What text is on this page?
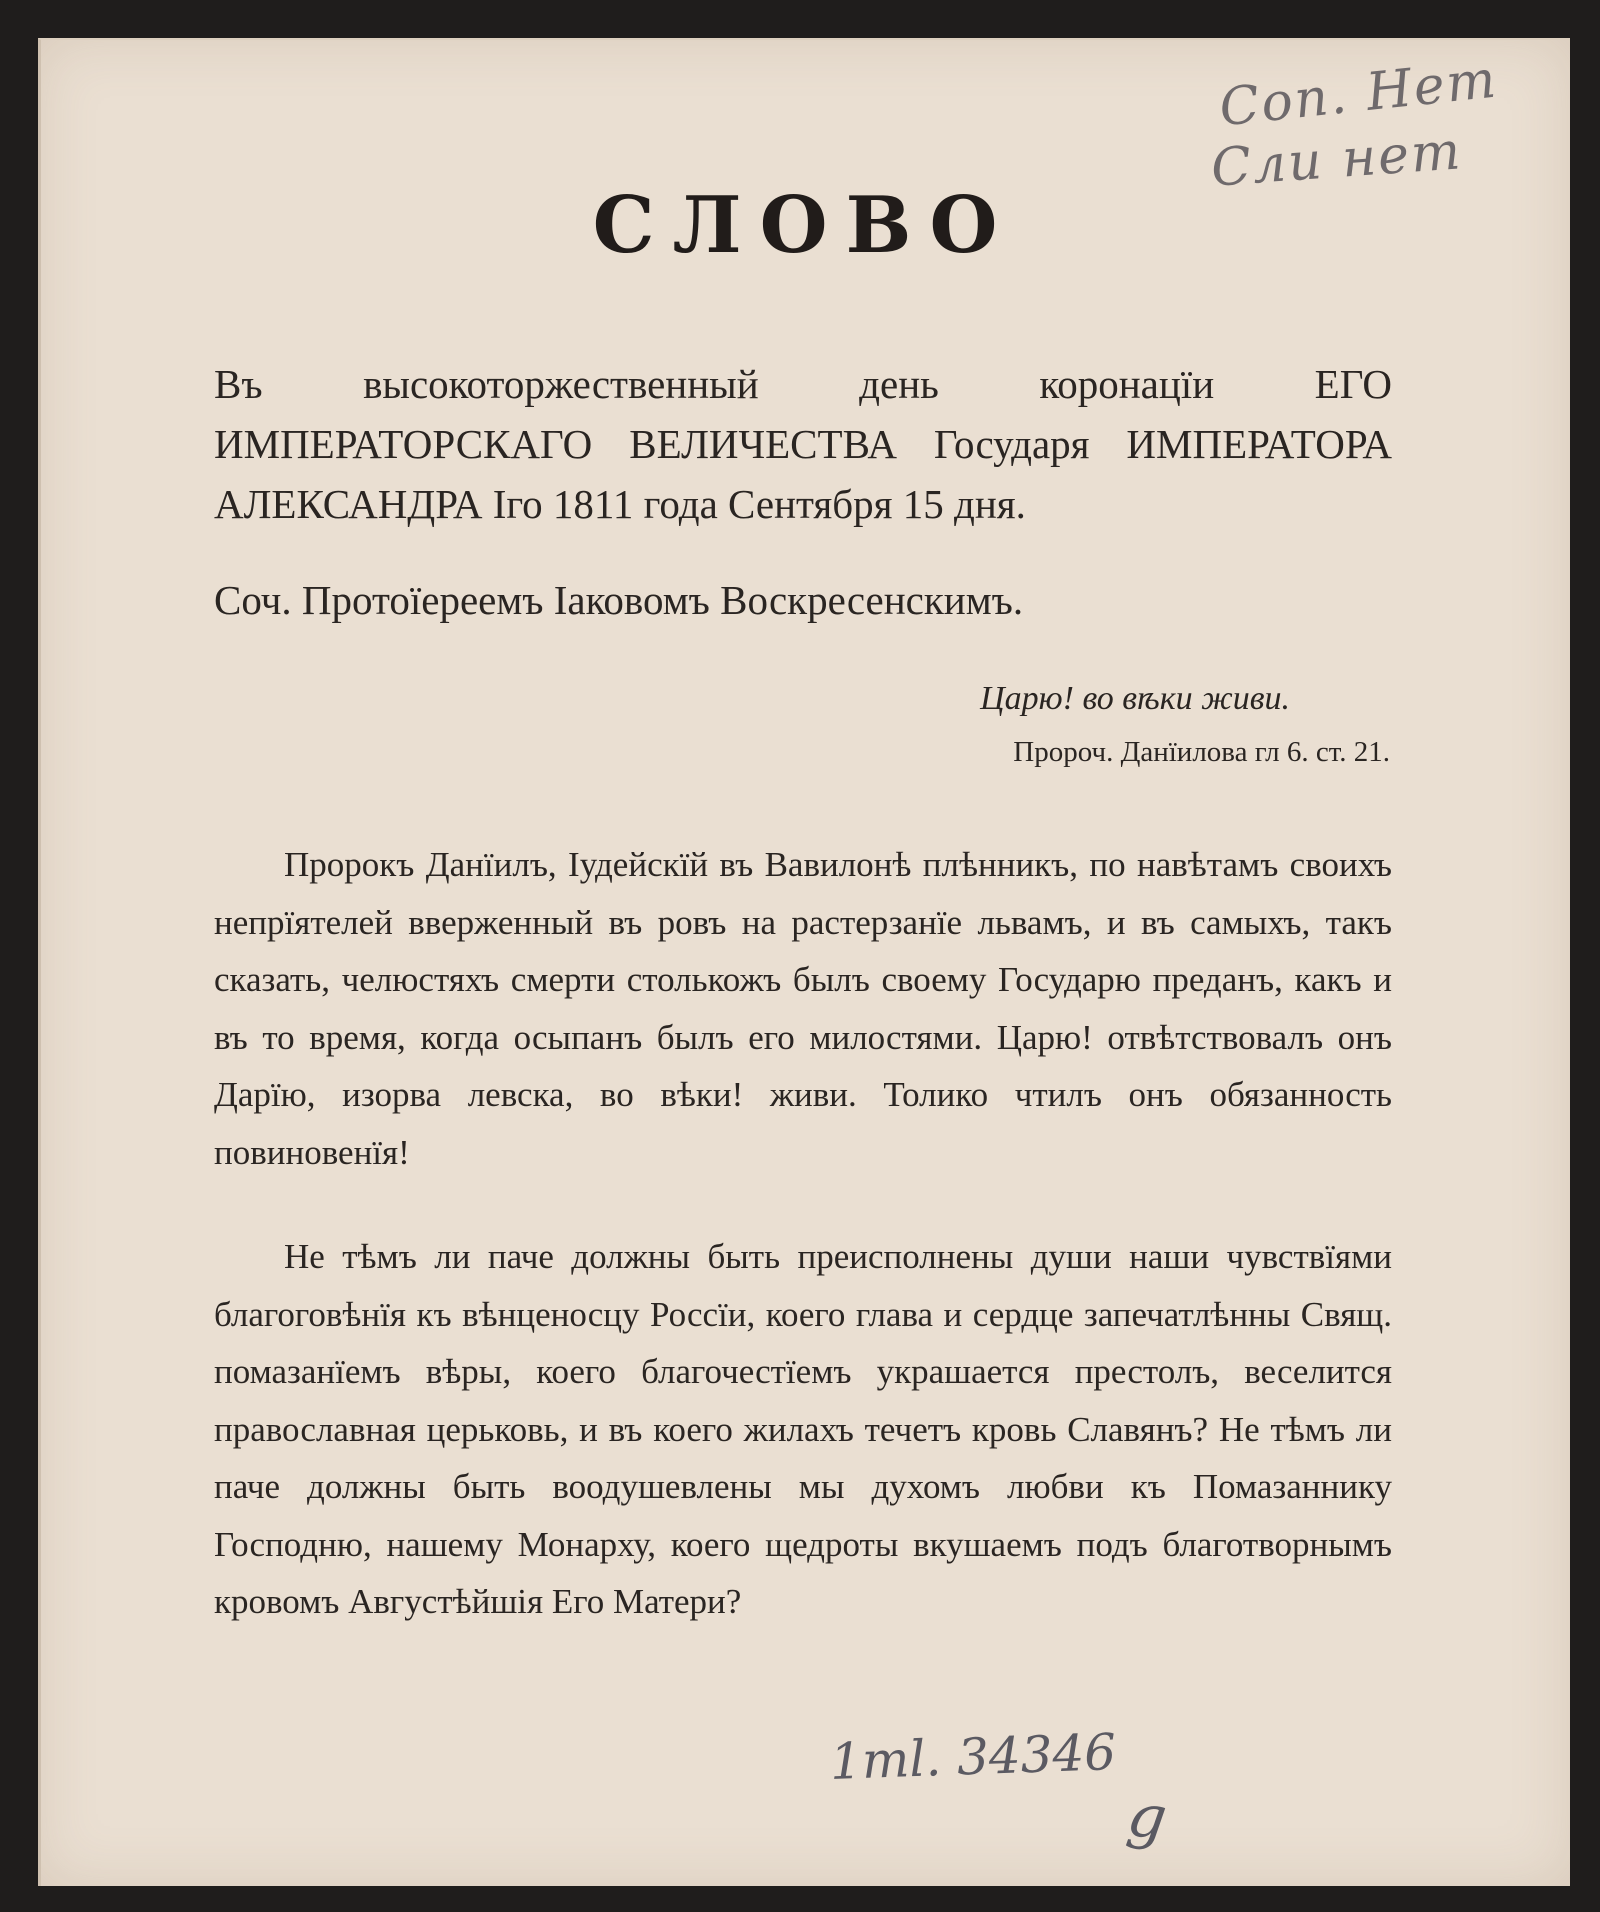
Соп. Нет
Сли нет
СЛОВО

Въ высокоторжественный день коронацїи ЕГО ИМПЕРАТОРСКАГО ВЕЛИЧЕСТВА Государя ИМПЕРАТОРА АЛЕКСАНДРА Iго 1811 года Сентября 15 дня.

Соч. Протоїереемъ Iаковомъ Воскресенскимъ.

Царю! во вѣки живи.

Пророч. Данїилова гл 6. ст. 21.

Пророкъ Данїилъ, Iудейскїй въ Вавилонѣ плѣнникъ, по навѣтамъ своихъ непрїятелей вверженный въ ровъ на растерзанїе львамъ, и въ самыхъ, такъ сказать, челюстяхъ смерти столькожъ былъ своему Государю преданъ, какъ и въ то время, когда осыпанъ былъ его милостями. Царю! отвѣтствовалъ онъ Дарїю, изорва левска, во вѣки! живи. Толико чтилъ онъ обязанность повиновенїя!

Не тѣмъ ли паче должны быть преисполнены души наши чувствїями благоговѣнїя къ вѣнценосцу Россїи, коего глава и сердце запечатлѣнны Свящ. помазанїемъ вѣры, коего благочестїемъ украшается престолъ, веселится православная церьковь, и въ коего жилахъ течетъ кровь Славянъ? Не тѣмъ ли паче должны быть воодушевлены мы духомъ любви къ Помазаннику Господню, нашему Монарху, коего щедроты вкушаемъ подъ благотворнымъ кровомъ Августѣйшiя Его Матери?

1ml. 34346

g
